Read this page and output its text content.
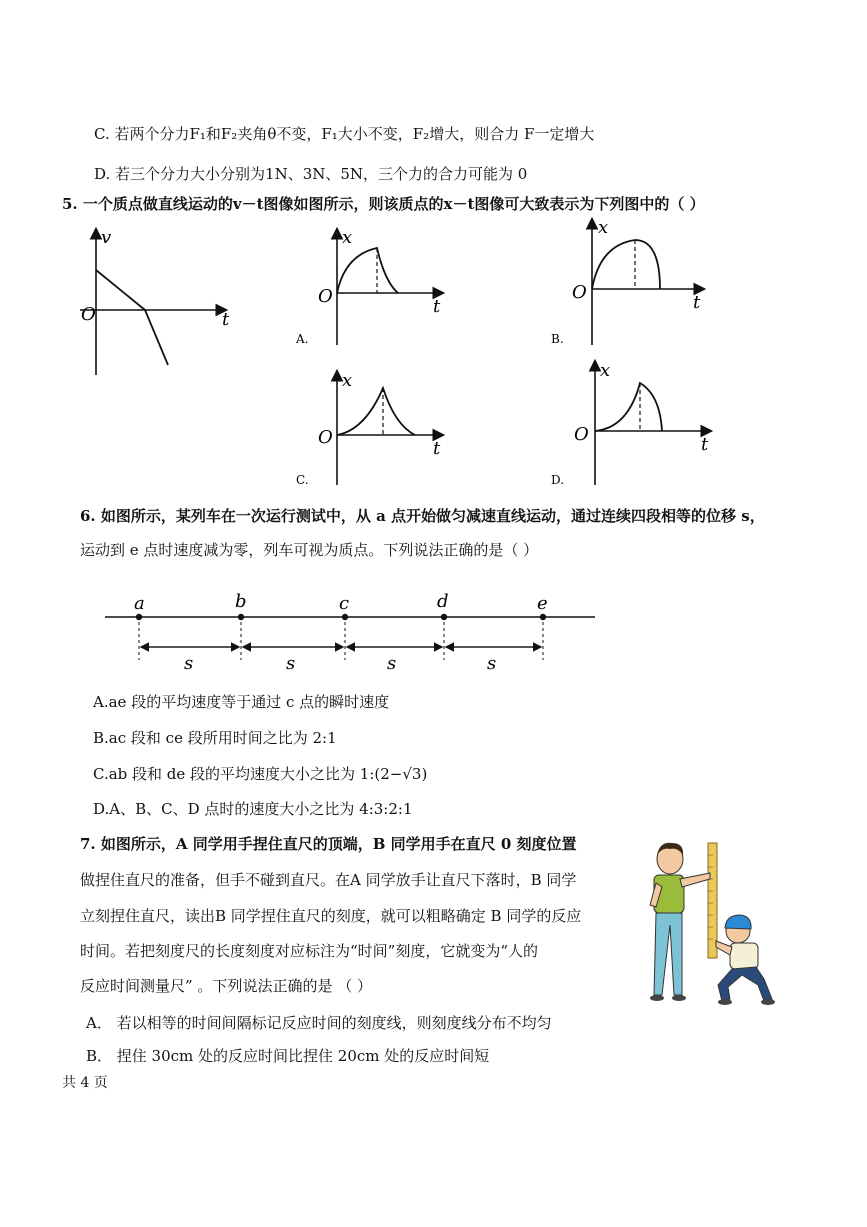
C. 若两个分力F₁和F₂夹角θ不变，F₁大小不变，F₂增大，则合力 F一定增大
D. 若三个分力大小分别为1N、3N、5N，三个力的合力可能为 0
5. 一个质点做直线运动的v－t图像如图所示，则该质点的x－t图像可大致表示为下列图中的（ ）
v
t
O
x
t
O
A.
x
t
O
B.
x
t
O
C.
x
t
O
D.
a	b	c	d	e
s	s	s	s
6. 如图所示，某列车在一次运行测试中，从 a 点开始做匀减速直线运动，通过连续四段相等的位移 s，
运动到 e 点时速度减为零，列车可视为质点。下列说法正确的是（ ）
A.ae 段的平均速度等于通过 c 点的瞬时速度
B.ac 段和 ce 段所用时间之比为 2:1
C.ab 段和 de 段的平均速度大小之比为 1:(2−√3)
D.A、B、C、D 点时的速度大小之比为 4:3:2:1
7. 如图所示，A 同学用手捏住直尺的顶端，B 同学用手在直尺 0 刻度位置
做捏住直尺的准备，但手不碰到直尺。在A 同学放手让直尺下落时，B 同学
立刻捏住直尺，读出B 同学捏住直尺的刻度，就可以粗略确定 B 同学的反应
时间。若把刻度尺的长度刻度对应标注为“时间”刻度，它就变为“人的
反应时间测量尺” 。下列说法正确的是 （ ）
A． 若以相等的时间间隔标记反应时间的刻度线，则刻度线分布不均匀
B． 捏住 30cm 处的反应时间比捏住 20cm 处的反应时间短
共 4 页
